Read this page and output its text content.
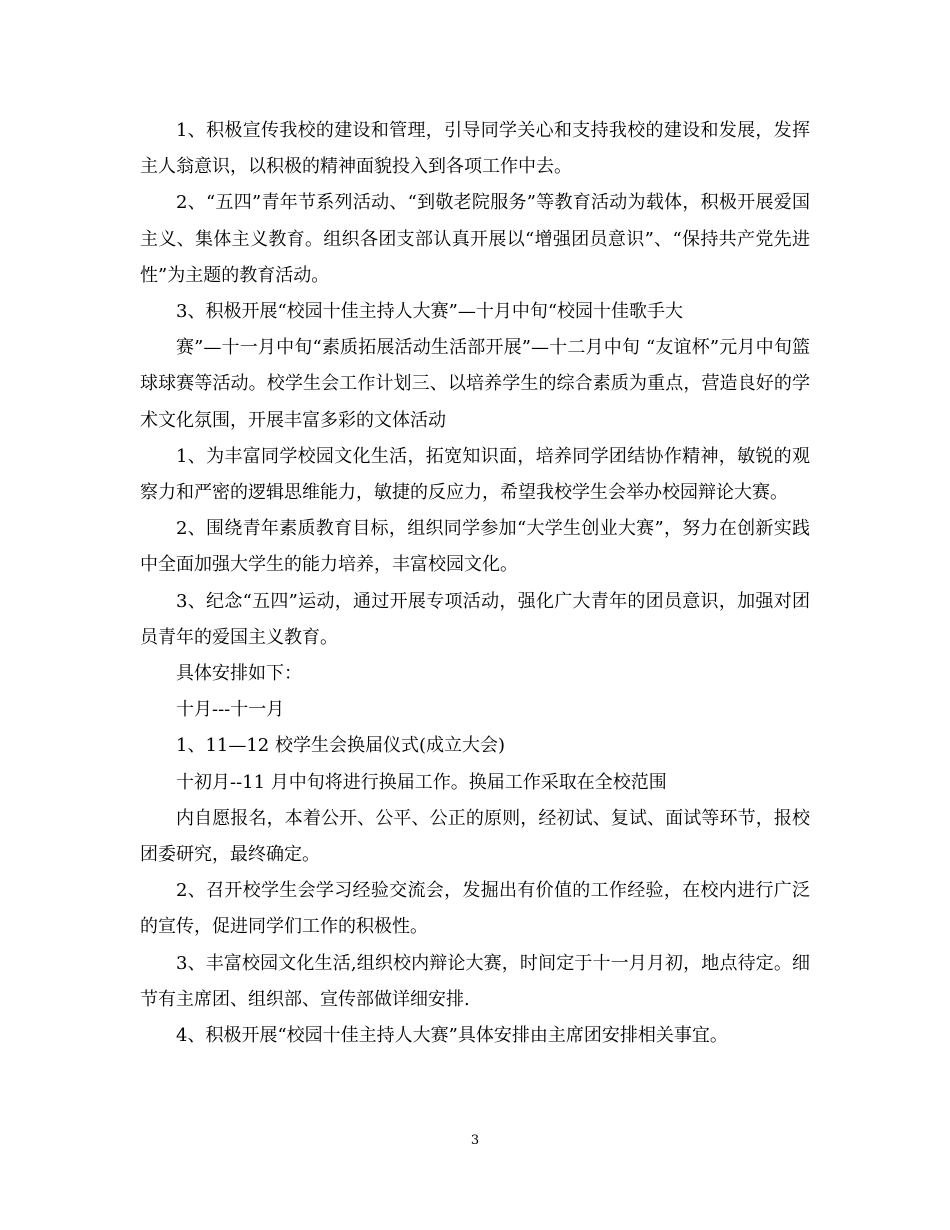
1、积极宣传我校的建设和管理，引导同学关心和支持我校的建设和发展，发挥主人翁意识，以积极的精神面貌投入到各项工作中去。

2、“五四”青年节系列活动、“到敬老院服务”等教育活动为载体，积极开展爱国主义、集体主义教育。组织各团支部认真开展以“增强团员意识”、“保持共产党先进性”为主题的教育活动。

3、积极开展“校园十佳主持人大赛”—十月中旬“校园十佳歌手大

赛”—十一月中旬“素质拓展活动生活部开展”—十二月中旬 “友谊杯”元月中旬篮球球赛等活动。校学生会工作计划三、以培养学生的综合素质为重点，营造良好的学术文化氛围，开展丰富多彩的文体活动

1、为丰富同学校园文化生活，拓宽知识面，培养同学团结协作精神，敏锐的观察力和严密的逻辑思维能力，敏捷的反应力，希望我校学生会举办校园辩论大赛。

2、围绕青年素质教育目标，组织同学参加“大学生创业大赛”，努力在创新实践中全面加强大学生的能力培养，丰富校园文化。

3、纪念“五四”运动，通过开展专项活动，强化广大青年的团员意识，加强对团员青年的爱国主义教育。

具体安排如下：

十月---十一月

1、11—12 校学生会换届仪式(成立大会)

十初月--11 月中旬将进行换届工作。换届工作采取在全校范围

内自愿报名，本着公开、公平、公正的原则，经初试、复试、面试等环节，报校团委研究，最终确定。

2、召开校学生会学习经验交流会，发掘出有价值的工作经验，在校内进行广泛的宣传，促进同学们工作的积极性。

3、丰富校园文化生活,组织校内辩论大赛，时间定于十一月月初，地点待定。细节有主席团、组织部、宣传部做详细安排.

4、积极开展“校园十佳主持人大赛”具体安排由主席团安排相关事宜。

3
